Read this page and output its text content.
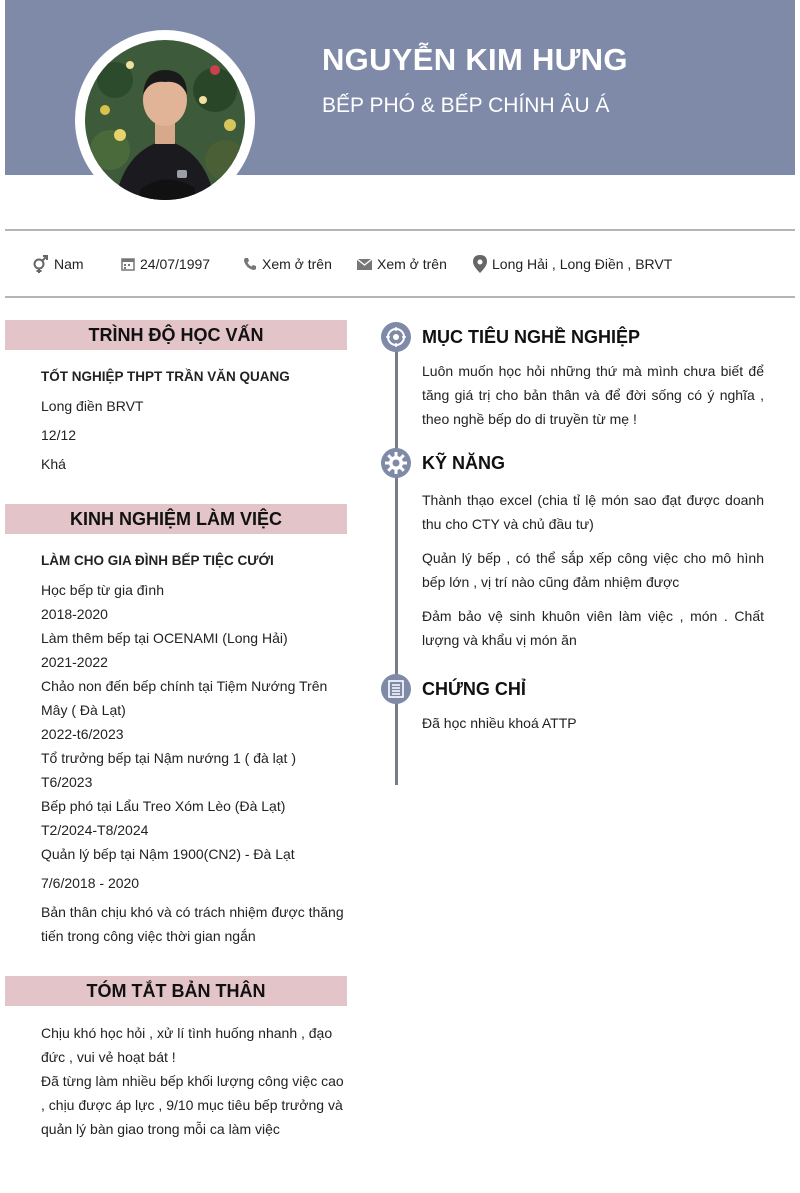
NGUYỄN KIM HƯNG
BẾP PHÓ & BẾP CHÍNH ÂU Á
Nam	24/07/1997	Xem ở trên	Xem ở trên	Long Hải , Long Điền , BRVT
TRÌNH ĐỘ HỌC VẤN
TỐT NGHIỆP THPT TRẦN VĂN QUANG
Long điền BRVT
12/12
Khá
KINH NGHIỆM LÀM VIỆC
LÀM CHO GIA ĐÌNH BẾP TIỆC CƯỚI
Học bếp từ gia đình
2018-2020
Làm thêm bếp tại OCENAMI (Long Hải)
2021-2022
Chảo non đến bếp chính tại Tiệm Nướng Trên
Mây ( Đà Lạt)
2022-t6/2023
Tổ trưởng bếp tại Nậm nướng 1 ( đà lạt )
T6/2023
Bếp phó tại Lẩu Treo Xóm Lèo (Đà Lạt)
T2/2024-T8/2024
Quản lý bếp tại Nậm 1900(CN2) - Đà Lạt
7/6/2018 - 2020
Bản thân chịu khó và có trách nhiệm được thăng tiến trong công việc thời gian ngắn
TÓM TẮT BẢN THÂN
Chịu khó học hỏi , xử lí tình huống nhanh , đạo đức , vui vẻ hoạt bát !
Đã từng làm nhiều bếp khối lượng công việc cao , chịu được áp lực , 9/10 mục tiêu bếp trưởng và quản lý bàn giao trong mỗi ca làm việc
MỤC TIÊU NGHỀ NGHIỆP
Luôn muốn học hỏi những thứ mà mình chưa biết để tăng giá trị cho bản thân và để đời sống có ý nghĩa , theo nghề bếp do di truyền từ mẹ !
KỸ NĂNG
Thành thạo excel (chia tỉ lệ món sao đạt được doanh thu cho CTY và chủ đầu tư)
Quản lý bếp , có thể sắp xếp công việc cho mô hình bếp lớn , vị trí nào cũng đảm nhiệm được
Đảm bảo vệ sinh khuôn viên làm việc , món . Chất lượng và khẩu vị món ăn
CHỨNG CHỈ
Đã học nhiều khoá ATTP
